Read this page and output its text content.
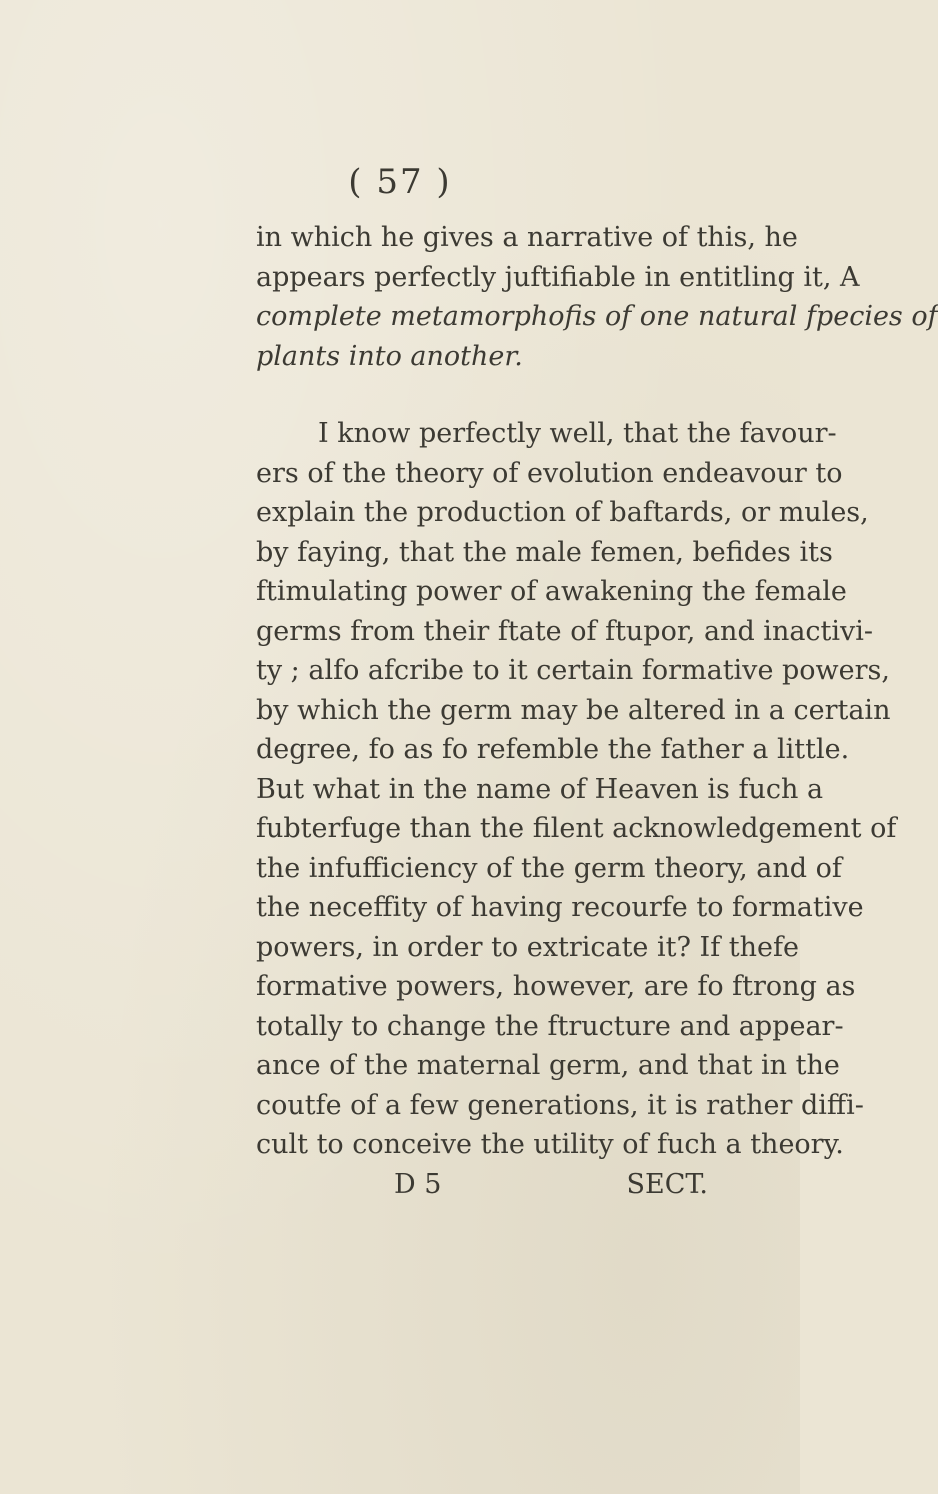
( 57 )
in which he gives a narrative of this, he
appears perfectly juftifiable in entitling it, A
complete metamorphofis of one natural fpecies of
plants into another.
I know perfectly well, that the favour-
ers of the theory of evolution endeavour to
explain the production of baftards, or mules,
by faying, that the male femen, befides its
ftimulating power of awakening the female
germs from their ftate of ftupor, and inactivi-
ty ; alfo afcribe to it certain formative powers,
by which the germ may be altered in a certain
degree, fo as fo refemble the father a little.
But what in the name of Heaven is fuch a
fubterfuge than the filent acknowledgement of
the infufficiency of the germ theory, and of
the neceffity of having recourfe to formative
powers, in order to extricate it? If thefe
formative powers, however, are fo ftrong as
totally to change the ftructure and appear-
ance of the maternal germ, and that in the
coutfe of a few generations, it is rather diffi-
cult to conceive the utility of fuch a theory.
D 5	SECT.
